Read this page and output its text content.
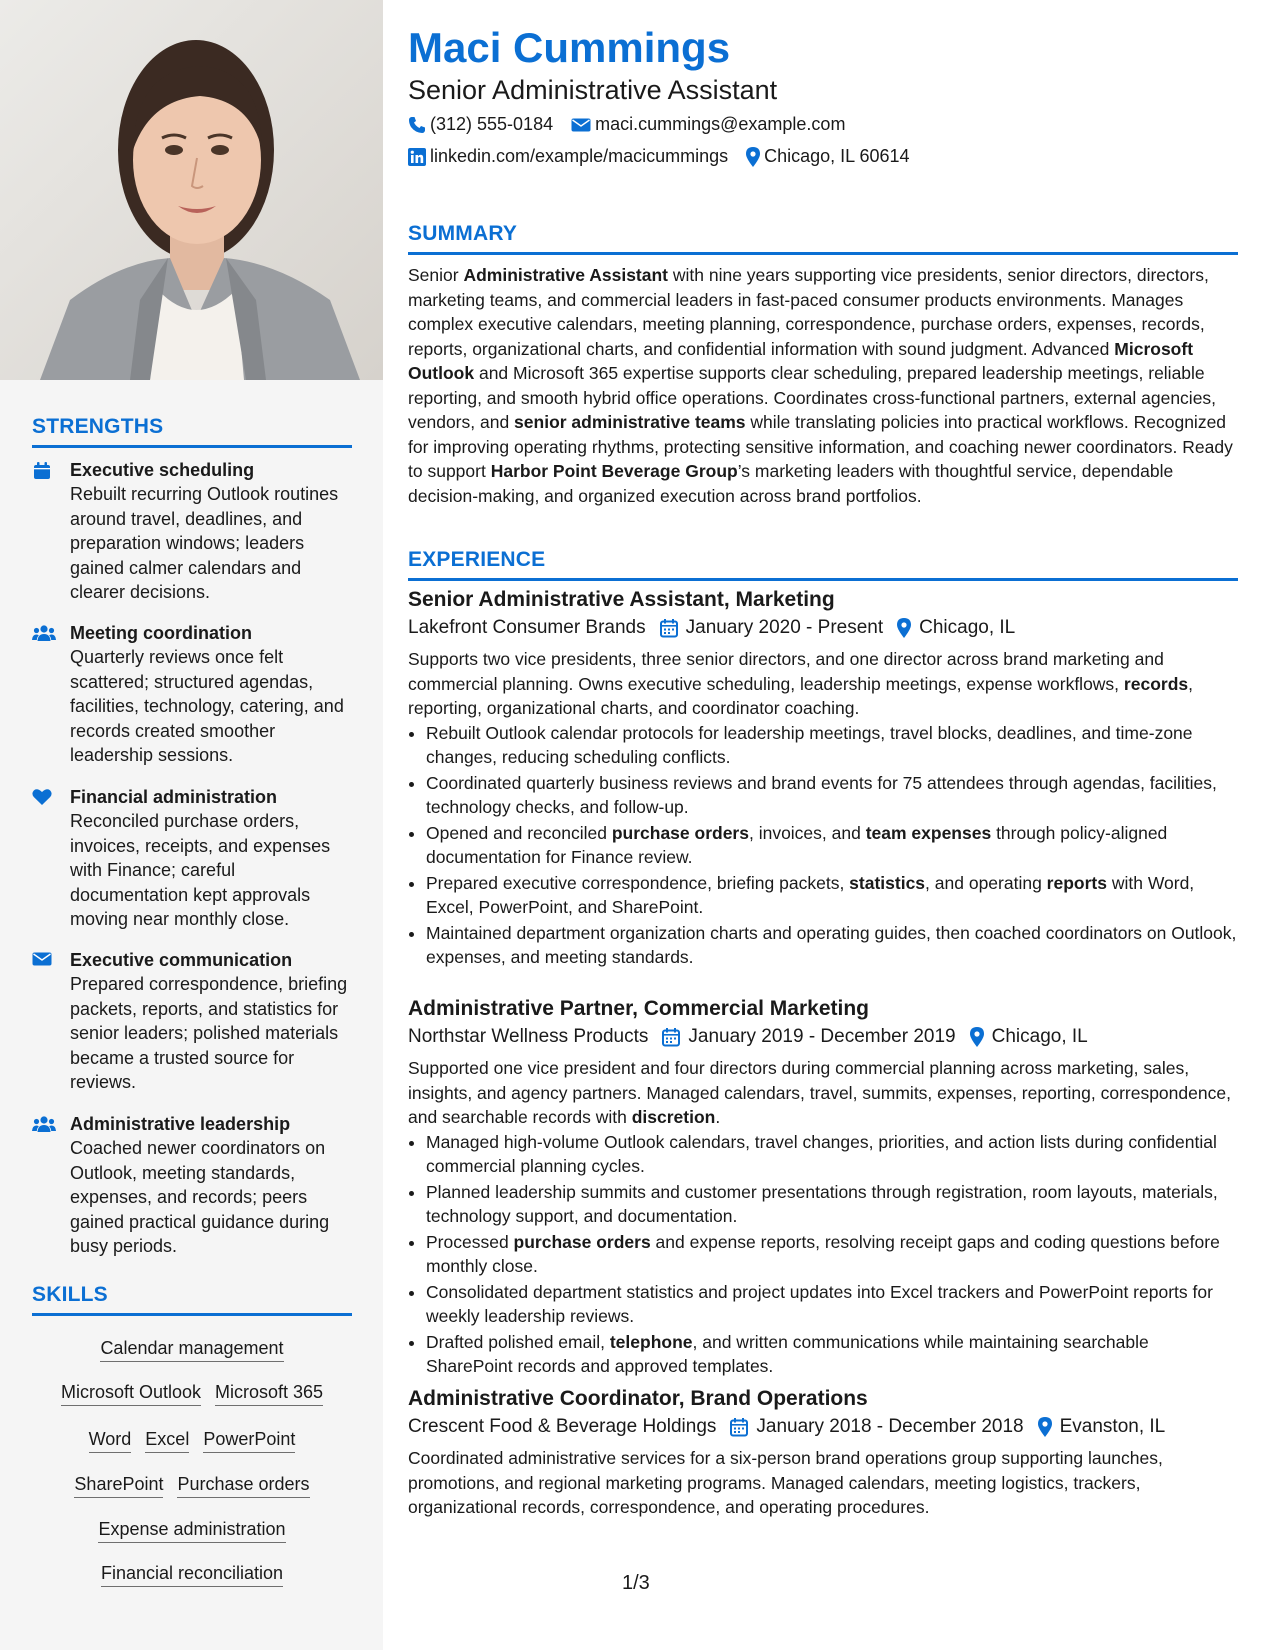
STRENGTHS
Executive scheduling
Rebuilt recurring Outlook routines around travel, deadlines, and preparation windows; leaders gained calmer calendars and clearer decisions.
Meeting coordination
Quarterly reviews once felt scattered; structured agendas, facilities, technology, catering, and records created smoother leadership sessions.
Financial administration
Reconciled purchase orders, invoices, receipts, and expenses with Finance; careful documentation kept approvals moving near monthly close.
Executive communication
Prepared correspondence, briefing packets, reports, and statistics for senior leaders; polished materials became a trusted source for reviews.
Administrative leadership
Coached newer coordinators on Outlook, meeting standards, expenses, and records; peers gained practical guidance during busy periods.
SKILLS
Calendar management
Microsoft Outlook Microsoft 365
Word Excel PowerPoint
SharePoint Purchase orders
Expense administration
Financial reconciliation
Maci Cummings
Senior Administrative Assistant
(312) 555-0184 maci.cummings@example.com
linkedin.com/example/macicummings Chicago, IL 60614
SUMMARY
Senior Administrative Assistant with nine years supporting vice presidents, senior directors, directors, marketing teams, and commercial leaders in fast-paced consumer products environments. Manages complex executive calendars, meeting planning, correspondence, purchase orders, expenses, records, reports, organizational charts, and confidential information with sound judgment. Advanced Microsoft Outlook and Microsoft 365 expertise supports clear scheduling, prepared leadership meetings, reliable reporting, and smooth hybrid office operations. Coordinates cross-functional partners, external agencies, vendors, and senior administrative teams while translating policies into practical workflows. Recognized for improving operating rhythms, protecting sensitive information, and coaching newer coordinators. Ready to support Harbor Point Beverage Group’s marketing leaders with thoughtful service, dependable decision-making, and organized execution across brand portfolios.
EXPERIENCE
Senior Administrative Assistant, Marketing
Lakefront Consumer Brands January 2020 - Present Chicago, IL
Supports two vice presidents, three senior directors, and one director across brand marketing and commercial planning. Owns executive scheduling, leadership meetings, expense workflows, records, reporting, organizational charts, and coordinator coaching.
• Rebuilt Outlook calendar protocols for leadership meetings, travel blocks, deadlines, and time-zone changes, reducing scheduling conflicts.
• Coordinated quarterly business reviews and brand events for 75 attendees through agendas, facilities, technology checks, and follow-up.
• Opened and reconciled purchase orders, invoices, and team expenses through policy-aligned documentation for Finance review.
• Prepared executive correspondence, briefing packets, statistics, and operating reports with Word, Excel, PowerPoint, and SharePoint.
• Maintained department organization charts and operating guides, then coached coordinators on Outlook, expenses, and meeting standards.
Administrative Partner, Commercial Marketing
Northstar Wellness Products January 2019 - December 2019 Chicago, IL
Supported one vice president and four directors during commercial planning across marketing, sales, insights, and agency partners. Managed calendars, travel, summits, expenses, reporting, correspondence, and searchable records with discretion.
• Managed high-volume Outlook calendars, travel changes, priorities, and action lists during confidential commercial planning cycles.
• Planned leadership summits and customer presentations through registration, room layouts, materials, technology support, and documentation.
• Processed purchase orders and expense reports, resolving receipt gaps and coding questions before monthly close.
• Consolidated department statistics and project updates into Excel trackers and PowerPoint reports for weekly leadership reviews.
• Drafted polished email, telephone, and written communications while maintaining searchable SharePoint records and approved templates.
Administrative Coordinator, Brand Operations
Crescent Food & Beverage Holdings January 2018 - December 2018 Evanston, IL
Coordinated administrative services for a six-person brand operations group supporting launches, promotions, and regional marketing programs. Managed calendars, meeting logistics, trackers, organizational records, correspondence, and operating procedures.
1/3
